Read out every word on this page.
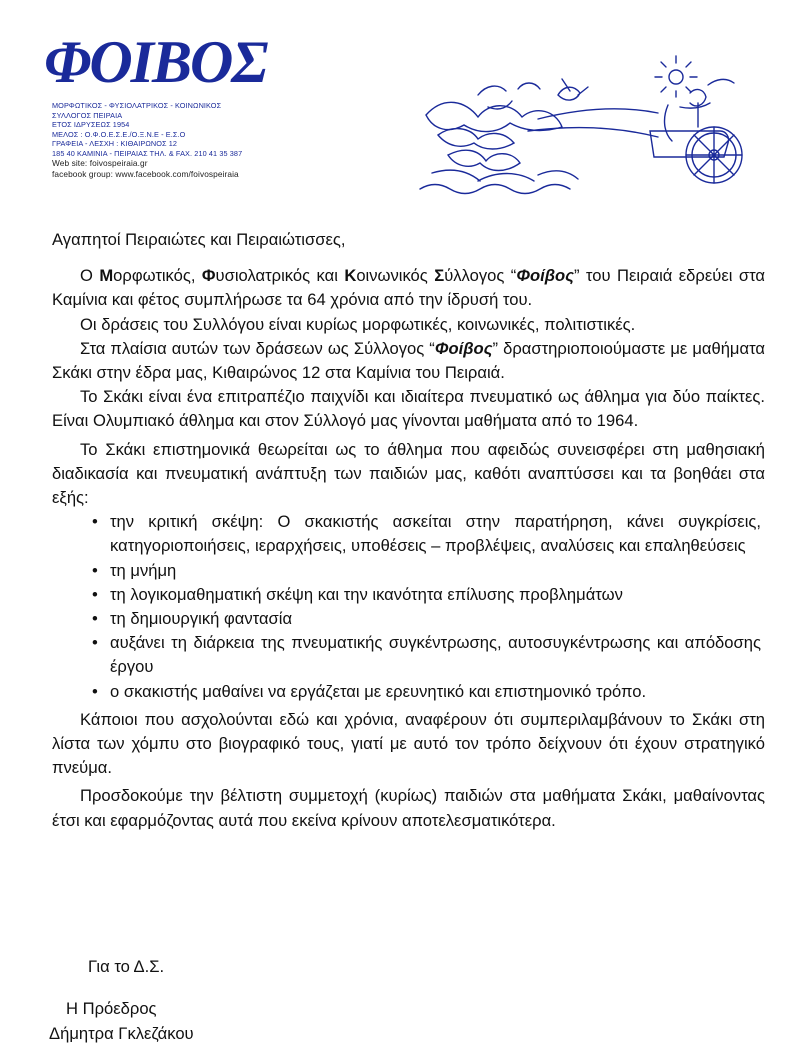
ΦΟΙΒΟΣ
ΜΟΡΦΩΤΙΚΟΣ - ΦΥΣΙΟΛΑΤΡΙΚΟΣ - ΚΟΙΝΩΝΙΚΟΣ
ΣΥΛΛΟΓΟΣ ΠΕΙΡΑΙΑ
ΕΤΟΣ ΙΔΡΥΣΕΩΣ 1954
ΜΕΛΟΣ : Ο.Φ.Ο.Ε.Σ.Ε./Ο.Ξ.Ν.Ε - Ε.Σ.Ο
ΓΡΑΦΕΙΑ - ΛΕΣΧΗ : ΚΙΘΑΙΡΩΝΟΣ 12
185 40 ΚΑΜΙΝΙΑ - ΠΕΙΡΑΙΑΣ ΤΗΛ. & FAX. 210 41 35 387
Web site: foivospeiraia.gr
facebook group: www.facebook.com/foivospeiraia

Αγαπητοί Πειραιώτες και Πειραιώτισσες,

Ο Μορφωτικός, Φυσιολατρικός και Κοινωνικός Σύλλογος “Φοίβος” του Πειραιά εδρεύει στα Καμίνια και φέτος συμπλήρωσε τα 64 χρόνια από την ίδρυσή του.

Οι δράσεις του Συλλόγου είναι κυρίως μορφωτικές, κοινωνικές, πολιτιστικές.

Στα πλαίσια αυτών των δράσεων ως Σύλλογος “Φοίβος” δραστηριοποιούμαστε με μαθήματα Σκάκι στην έδρα μας, Κιθαιρώνος 12 στα Καμίνια του Πειραιά.

Το Σκάκι είναι ένα επιτραπέζιο παιχνίδι και ιδιαίτερα πνευματικό ως άθλημα για δύο παίκτες. Είναι Ολυμπιακό άθλημα και στον Σύλλογό μας γίνονται μαθήματα από το 1964.

Το Σκάκι επιστημονικά θεωρείται ως το άθλημα που αφειδώς συνεισφέρει στη μαθησιακή διαδικασία και πνευματική ανάπτυξη των παιδιών μας, καθότι αναπτύσσει και τα βοηθάει στα εξής:

• την κριτική σκέψη: Ο σκακιστής ασκείται στην παρατήρηση, κάνει συγκρίσεις, κατηγοριοποιήσεις, ιεραρχήσεις, υποθέσεις – προβλέψεις, αναλύσεις και επαληθεύσεις
• τη μνήμη
• τη λογικομαθηματική σκέψη και την ικανότητα επίλυσης προβλημάτων
• τη δημιουργική φαντασία
• αυξάνει τη διάρκεια της πνευματικής συγκέντρωσης, αυτοσυγκέντρωσης και απόδοσης έργου
• ο σκακιστής μαθαίνει να εργάζεται με ερευνητικό και επιστημονικό τρόπο.

Κάποιοι που ασχολούνται εδώ και χρόνια, αναφέρουν ότι συμπεριλαμβάνουν το Σκάκι στη λίστα των χόμπυ στο βιογραφικό τους, γιατί με αυτό τον τρόπο δείχνουν ότι έχουν στρατηγικό πνεύμα.

Προσδοκούμε την βέλτιστη συμμετοχή (κυρίως) παιδιών στα μαθήματα Σκάκι, μαθαίνοντας έτσι και εφαρμόζοντας αυτά που εκείνα κρίνουν αποτελεσματικότερα.

Για το Δ.Σ.
Η Πρόεδρος
Δήμητρα Γκλεζάκου
